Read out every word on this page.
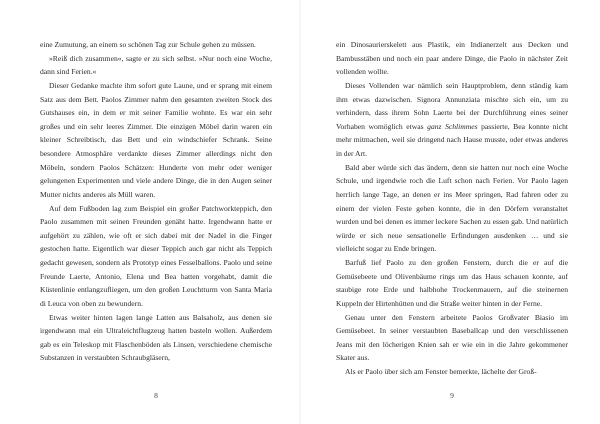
eine Zumutung, an einem so schönen Tag zur Schule gehen zu müssen.

»Reiß dich zusammen«, sagte er zu sich selbst. »Nur noch eine Woche, dann sind Ferien.«

Dieser Gedanke machte ihm sofort gute Laune, und er sprang mit einem Satz aus dem Bett. Paolos Zimmer nahm den gesamten zweiten Stock des Gutshauses ein, in dem er mit seiner Familie wohnte. Es war ein sehr großes und ein sehr leeres Zimmer. Die einzigen Möbel darin waren ein kleiner Schreibtisch, das Bett und ein windschiefer Schrank. Seine besondere Atmosphäre verdankte dieses Zimmer allerdings nicht den Möbeln, sondern Paolos Schätzen: Hunderte von mehr oder weniger gelungenen Experimenten und viele andere Dinge, die in den Augen seiner Mutter nichts anderes als Müll waren.

Auf dem Fußboden lag zum Beispiel ein großer Patchworkteppich, den Paolo zusammen mit seinen Freunden genäht hatte. Irgendwann hatte er aufgehört zu zählen, wie oft er sich dabei mit der Nadel in die Finger gestochen hatte. Eigentlich war dieser Teppich auch gar nicht als Teppich gedacht gewesen, sondern als Prototyp eines Fesselballons. Paolo und seine Freunde Laerte, Antonio, Elena und Bea hatten vorgehabt, damit die Küstenlinie entlangzufliegen, um den großen Leuchtturm von Santa Maria di Leuca von oben zu bewundern.

Etwas weiter hinten lagen lange Latten aus Balsaholz, aus denen sie irgendwann mal ein Ultraleichtflugzeug hatten basteln wollen. Außerdem gab es ein Teleskop mit Flaschenböden als Linsen, verschiedene chemische Substanzen in verstaubten Schraubgläsern,

8

ein Dinosaurierskelett aus Plastik, ein Indianerzelt aus Decken und Bambusstäben und noch ein paar andere Dinge, die Paolo in nächster Zeit vollenden wollte.

Dieses Vollenden war nämlich sein Hauptproblem, denn ständig kam ihm etwas dazwischen. Signora Annunziata mischte sich ein, um zu verhindern, dass ihrem Sohn Laerte bei der Durchführung eines seiner Vorhaben womöglich etwas ganz Schlimmes passierte, Bea konnte nicht mehr mitmachen, weil sie dringend nach Hause musste, oder etwas anderes in der Art.

Bald aber würde sich das ändern, denn sie hatten nur noch eine Woche Schule, und irgendwie roch die Luft schon nach Ferien. Vor Paolo lagen herrlich lange Tage, an denen er ins Meer springen, Rad fahren oder zu einem der vielen Feste gehen konnte, die in den Dörfern veranstaltet wurden und bei denen es immer leckere Sachen zu essen gab. Und natürlich würde er sich neue sensationelle Erfindungen ausdenken … und sie vielleicht sogar zu Ende bringen.

Barfuß lief Paolo zu den großen Fenstern, durch die er auf die Gemüsebeete und Olivenbäume rings um das Haus schauen konnte, auf staubige rote Erde und halbhohe Trockenmauern, auf die steinernen Kuppeln der Hirtenhütten und die Straße weiter hinten in der Ferne.

Genau unter den Fenstern arbeitete Paolos Großvater Biasio im Gemüsebeet. In seiner verstaubten Baseballcap und den verschlissenen Jeans mit den löcherigen Knien sah er wie ein in die Jahre gekommener Skater aus.

Als er Paolo über sich am Fenster bemerkte, lächelte der Groß-

9
